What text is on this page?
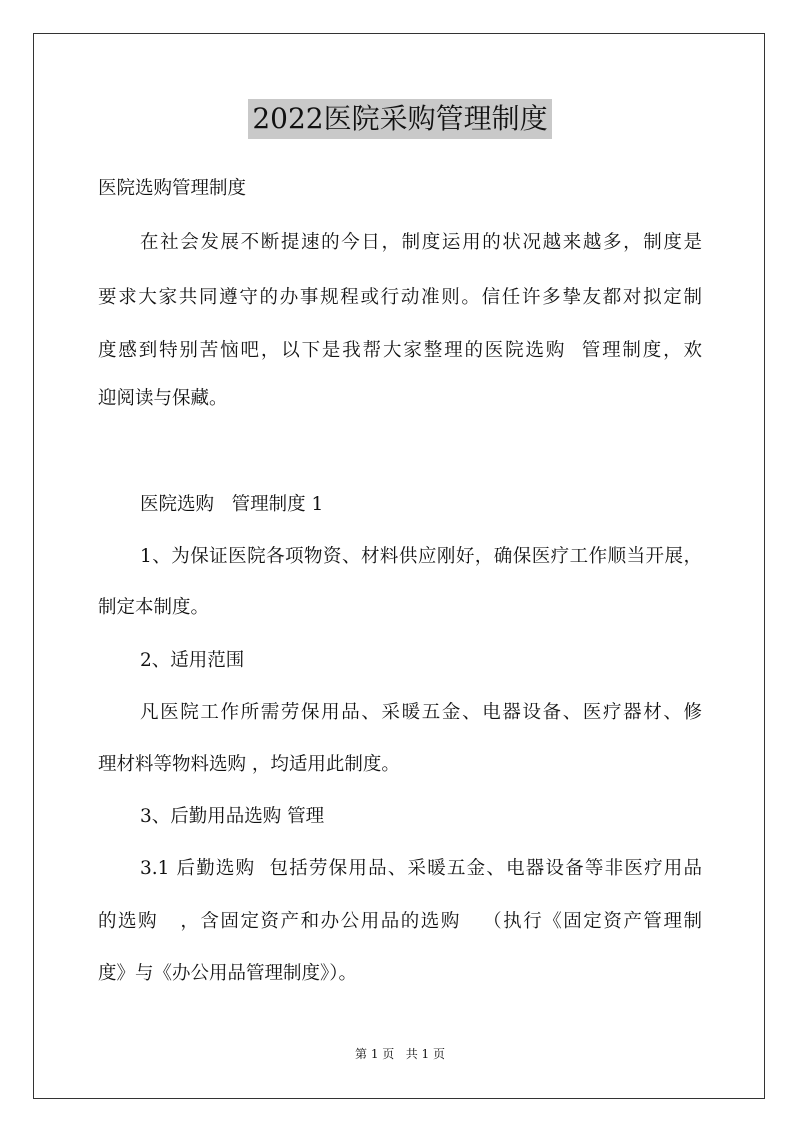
2022医院采购管理制度

医院选购管理制度

在社会发展不断提速的今日，制度运用的状况越来越多，制度是

要求大家共同遵守的办事规程或行动准则。信任许多挚友都对拟定制

度感到特别苦恼吧，以下是我帮大家整理的医院选购  管理制度，欢

迎阅读与保藏。

医院选购   管理制度 1

1、为保证医院各项物资、材料供应刚好，确保医疗工作顺当开展，

制定本制度。

2、适用范围

凡医院工作所需劳保用品、采暖五金、电器设备、医疗器材、修

理材料等物料选购 ，均适用此制度。

3、后勤用品选购 管理

3.1 后勤选购  包括劳保用品、采暖五金、电器设备等非医疗用品

的选购   ，含固定资产和办公用品的选购   （执行《固定资产管理制

度》与《办公用品管理制度》）。

第 1 页   共 1 页
